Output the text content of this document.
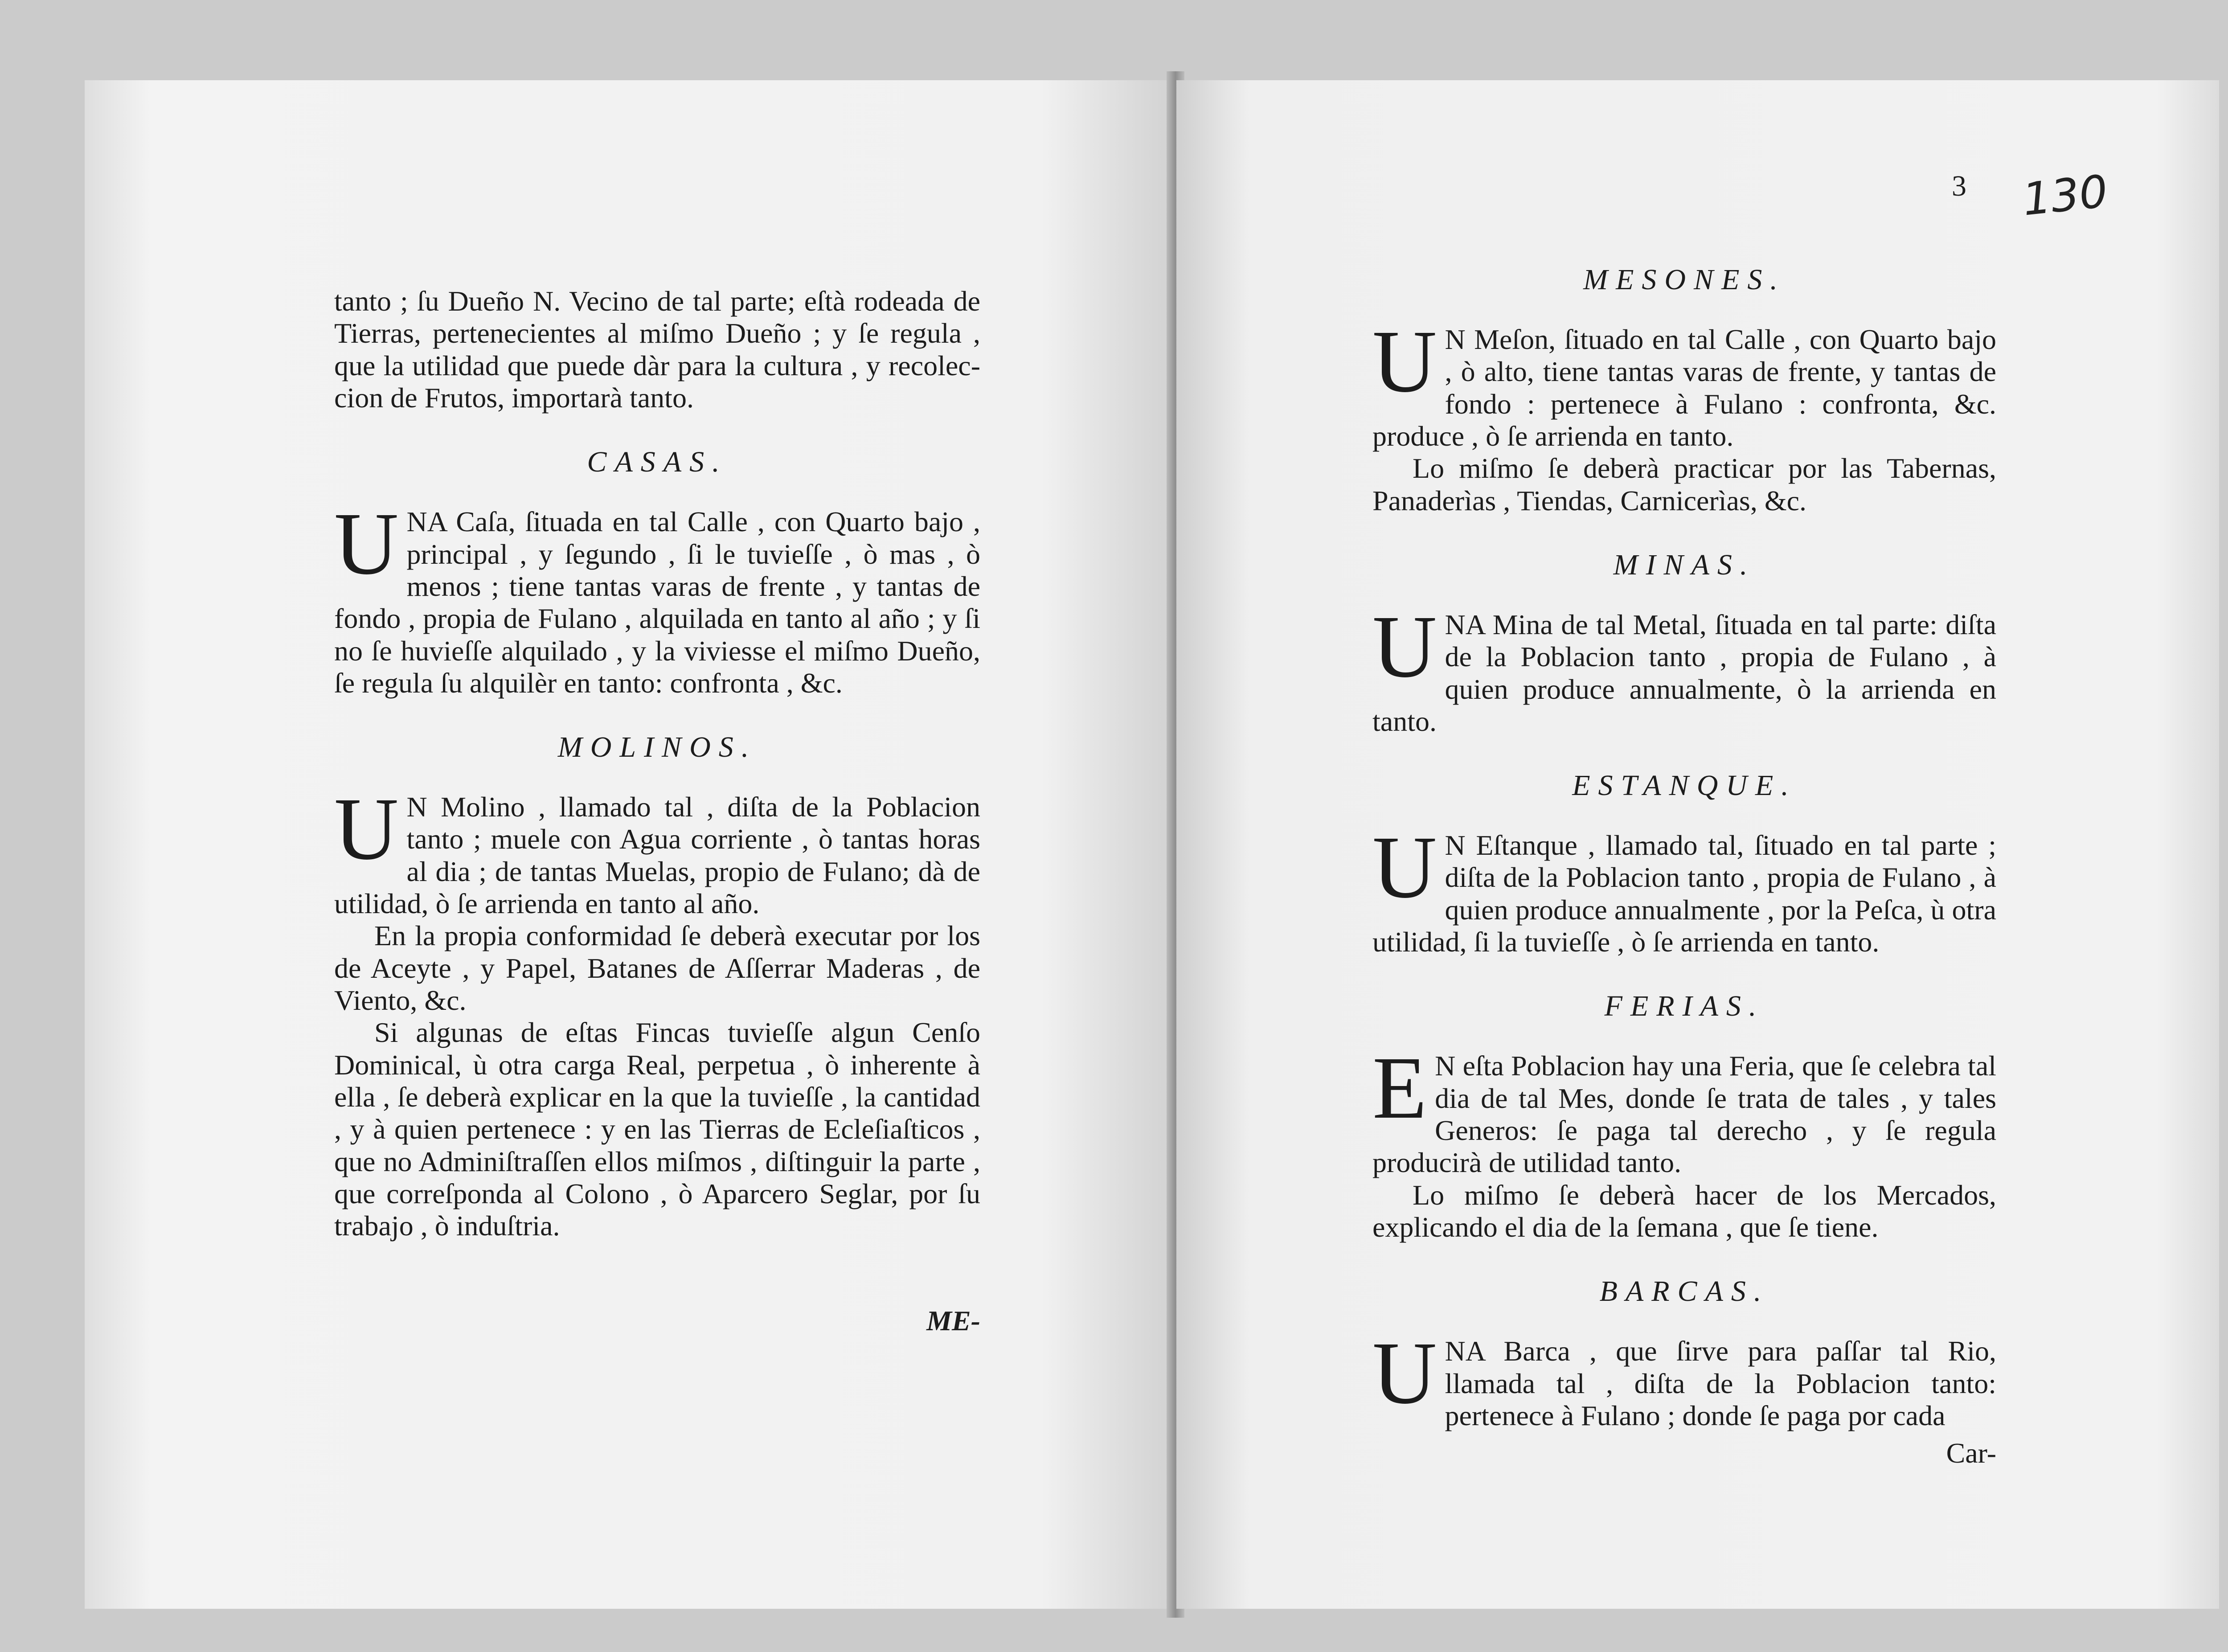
tanto ; ſu Dueño N. Vecino de tal parte; eſtà rodeada de Tierras, pertenecientes al miſmo Dueño ; y ſe regula , que la utilidad que puede dàr para la cultura , y recoleccion de Frutos, importarà tanto.

CASAS.

UNA Caſa, ſituada en tal Calle , con Quarto bajo , principal , y ſegundo , ſi le tuvieſſe , ò mas , ò menos ; tiene tantas varas de frente , y tantas de fondo , propia de Fulano , alquilada en tanto al año ; y ſi no ſe huvieſſe alquilado , y la viviesse el miſmo Dueño, ſe regula ſu alquilèr en tanto: confronta , &c.

MOLINOS.

U N Molino , llamado tal , diſta de la Poblacion tanto ; muele con Agua corriente , ò tantas horas al dia ; de tantas Muelas, propio de Fulano; dà de utilidad, ò ſe arrienda en tanto al año.

En la propia conformidad ſe deberà executar por los de Aceyte , y Papel, Batanes de Aſſerrar Maderas , de Viento, &c.

Si algunas de eſtas Fincas tuvieſſe algun Cenſo Dominical, ù otra carga Real, perpetua , ò inherente à ella , ſe deberà explicar en la que la tuvieſſe , la cantidad , y à quien pertenece : y en las Tierras de Ecleſiaſticos , que no Adminiſtraſſen ellos miſmos , diſtinguir la parte , que correſponda al Colono , ò Aparcero Seglar, por ſu trabajo , ò induſtria.

ME-

130
3
MESONES.

U N Meſon, ſituado en tal Calle , con Quarto bajo , ò alto, tiene tantas varas de frente, y tantas de fondo : pertenece à Fulano : confronta, &c. produce , ò ſe arrienda en tanto.

Lo miſmo ſe deberà practicar por las Tabernas, Panaderìas , Tiendas, Carnicerìas, &c.

MINAS.

UNA Mina de tal Metal, ſituada en tal parte: diſta de la Poblacion tanto , propia de Fulano , à quien produce annualmente, ò la arrienda en tanto.

ESTANQUE.

U N Eſtanque , llamado tal, ſituado en tal parte ; diſta de la Poblacion tanto , propia de Fulano , à quien produce annualmente , por la Peſca, ù otra utilidad, ſi la tuvieſſe , ò ſe arrienda en tanto.

FERIAS.

E N eſta Poblacion hay una Feria, que ſe celebra tal dia de tal Mes, donde ſe trata de tales , y tales Generos: ſe paga tal derecho , y ſe regula producirà de utilidad tanto.

Lo miſmo ſe deberà hacer de los Mercados, explicando el dia de la ſemana , que ſe tiene.

BARCAS.

UNA Barca , que ſirve para paſſar tal Rio, llamada tal , diſta de la Poblacion tanto: pertenece à Fulano ; donde ſe paga por cada

Car-
